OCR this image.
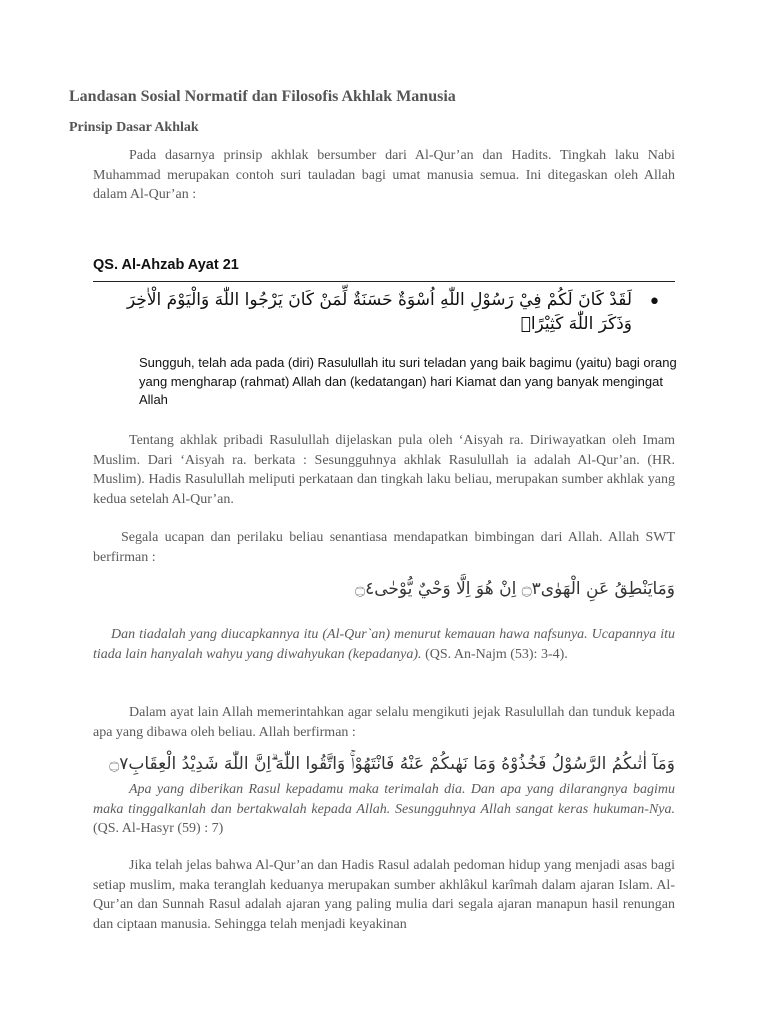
Landasan Sosial Normatif dan Filosofis Akhlak Manusia
Prinsip Dasar Akhlak

Pada dasarnya prinsip akhlak bersumber dari Al-Qur’an dan Hadits. Tingkah laku Nabi Muhammad merupakan contoh suri tauladan bagi umat manusia semua. Ini ditegaskan oleh Allah dalam Al-Qur’an :

QS. Al-Ahzab Ayat 21
•

لَقَدْ كَانَ لَكُمْ فِيْ رَسُوْلِ اللّٰهِ اُسْوَةٌ حَسَنَةٌ لِّمَنْ كَانَ يَرْجُوا اللّٰهَ وَالْيَوْمَ الْاٰخِرَ وَذَكَرَ اللّٰهَ كَثِيْرًاۗ

Sungguh, telah ada pada (diri) Rasulullah itu suri teladan yang baik bagimu (yaitu) bagi orang yang mengharap (rahmat) Allah dan (kedatangan) hari Kiamat dan yang banyak mengingat Allah

Tentang akhlak pribadi Rasulullah dijelaskan pula oleh ‘Aisyah ra. Diriwayatkan oleh Imam Muslim. Dari ‘Aisyah ra. berkata : Sesungguhnya akhlak Rasulullah ia adalah Al-Qur’an. (HR. Muslim). Hadis Rasulullah meliputi perkataan dan tingkah laku beliau, merupakan sumber akhlak yang kedua setelah Al-Qur’an.

Segala ucapan dan perilaku beliau senantiasa mendapatkan bimbingan dari Allah. Allah SWT berfirman :

وَمَايَنْطِقُ عَنِ الْهَوٰى۝٣ اِنْ هُوَ اِلَّا وَحْيٌ يُّوْحٰى۝٤

Dan tiadalah yang diucapkannya itu (Al-Qur`an) menurut kemauan hawa nafsunya. Ucapannya itu tiada lain hanyalah wahyu yang diwahyukan (kepadanya). (QS. An-Najm (53): 3-4).

Dalam ayat lain Allah memerintahkan agar selalu mengikuti jejak Rasulullah dan tunduk kepada apa yang dibawa oleh beliau. Allah berfirman :

وَمَآ اٰتٰىكُمُ الرَّسُوْلُ فَخُذُوْهُ وَمَا نَهٰىكُمْ عَنْهُ فَانْتَهُوْاۚ وَاتَّقُوا اللّٰهَ ۗاِنَّ اللّٰهَ شَدِيْدُ الْعِقَابِ۝٧

Apa yang diberikan Rasul kepadamu maka terimalah dia. Dan apa yang dilarangnya bagimu maka tinggalkanlah dan bertakwalah kepada Allah. Sesungguhnya Allah sangat keras hukuman-Nya. (QS. Al-Hasyr (59) : 7)

Jika telah jelas bahwa Al-Qur’an dan Hadis Rasul adalah pedoman hidup yang menjadi asas bagi setiap muslim, maka teranglah keduanya merupakan sumber akhlâkul karîmah dalam ajaran Islam. Al-Qur’an dan Sunnah Rasul adalah ajaran yang paling mulia dari segala ajaran manapun hasil renungan dan ciptaan manusia. Sehingga telah menjadi keyakinan
